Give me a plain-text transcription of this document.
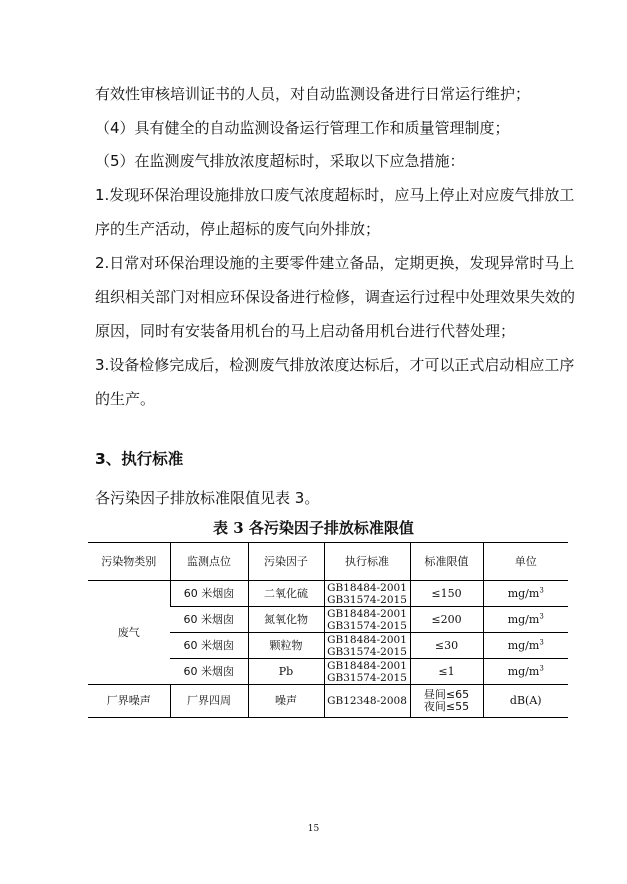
有效性审核培训证书的人员，对自动监测设备进行日常运行维护；
（4）具有健全的自动监测设备运行管理工作和质量管理制度；
（5）在监测废气排放浓度超标时，采取以下应急措施：
1.发现环保治理设施排放口废气浓度超标时，应马上停止对应废气排放工
序的生产活动，停止超标的废气向外排放；
2.日常对环保治理设施的主要零件建立备品，定期更换，发现异常时马上
组织相关部门对相应环保设备进行检修，调查运行过程中处理效果失效的
原因，同时有安装备用机台的马上启动备用机台进行代替处理；
3.设备检修完成后，检测废气排放浓度达标后，才可以正式启动相应工序
的生产。
3、执行标准
各污染因子排放标准限值见表 3。
表 3 各污染因子排放标准限值
污染物类别	监测点位	污染因子	执行标准	标准限值	单位
废气	60 米烟囱	二氧化硫	GB18484-2001
GB31574-2015	≤150	$mg/m^3$
	60 米烟囱	氮氧化物	GB18484-2001
GB31574-2015	≤200	$mg/m^3$
	60 米烟囱	颗粒物	GB18484-2001
GB31574-2015	≤30	$mg/m^3$
	60 米烟囱	Pb	GB18484-2001
GB31574-2015	≤1	$mg/m^3$
厂界噪声	厂界四周	噪声	GB12348-2008	昼间≤65
夜间≤55	dB(A)
15
